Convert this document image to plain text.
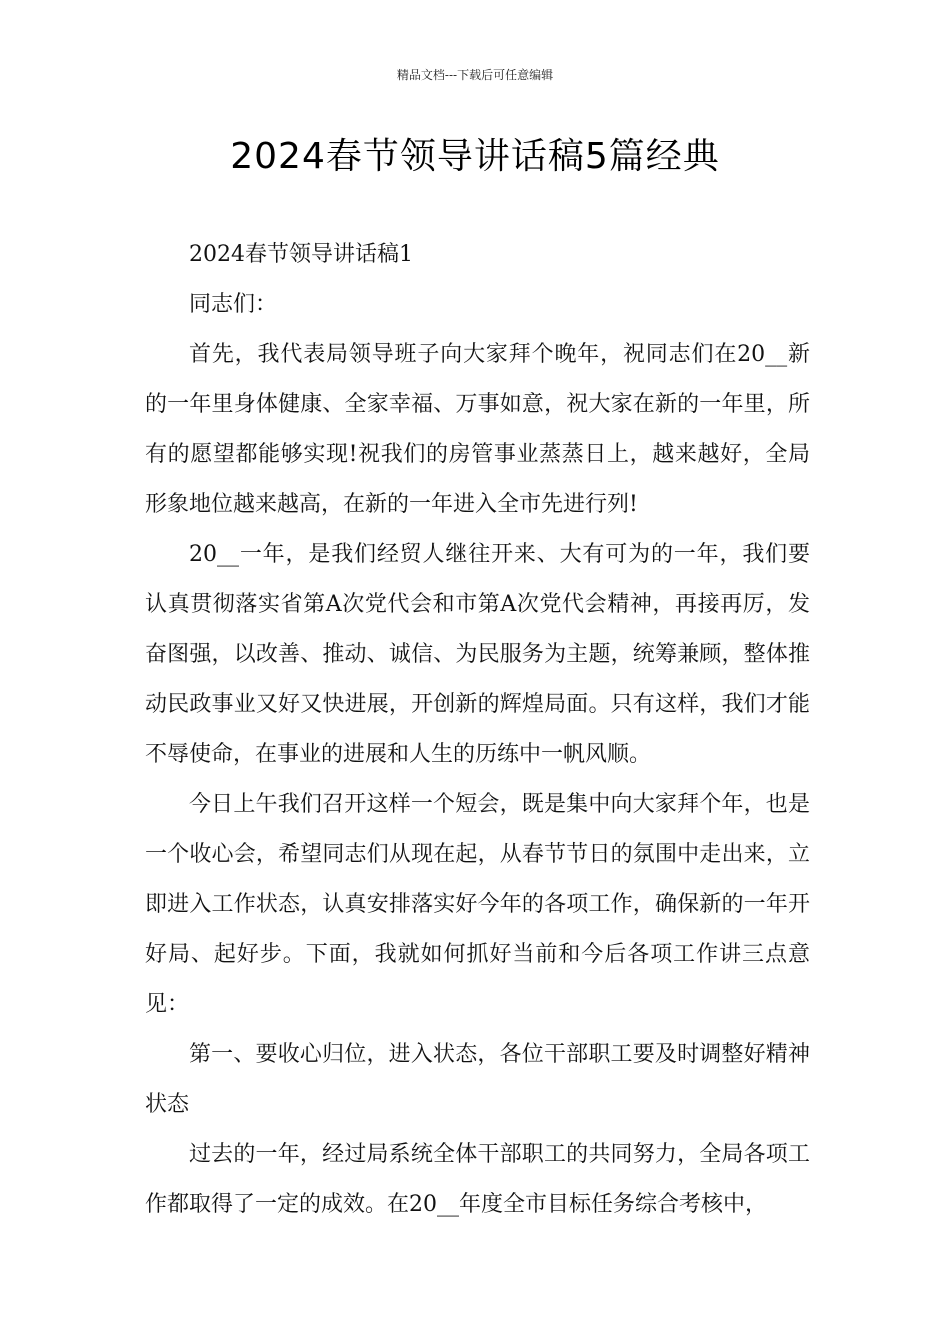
精品文档---下载后可任意编辑
2024春节领导讲话稿5篇经典

2024春节领导讲话稿1

同志们：

首先，我代表局领导班子向大家拜个晚年，祝同志们在20__新的一年里身体健康、全家幸福、万事如意，祝大家在新的一年里，所有的愿望都能够实现!祝我们的房管事业蒸蒸日上，越来越好，全局形象地位越来越高，在新的一年进入全市先进行列!

20__一年，是我们经贸人继往开来、大有可为的一年，我们要认真贯彻落实省第A次党代会和市第A次党代会精神，再接再厉，发奋图强，以改善、推动、诚信、为民服务为主题，统筹兼顾，整体推动民政事业又好又快进展，开创新的辉煌局面。只有这样，我们才能不辱使命，在事业的进展和人生的历练中一帆风顺。

今日上午我们召开这样一个短会，既是集中向大家拜个年，也是一个收心会，希望同志们从现在起，从春节节日的氛围中走出来，立即进入工作状态，认真安排落实好今年的各项工作，确保新的一年开好局、起好步。下面，我就如何抓好当前和今后各项工作讲三点意见：

第一、要收心归位，进入状态，各位干部职工要及时调整好精神状态

过去的一年，经过局系统全体干部职工的共同努力，全局各项工作都取得了一定的成效。在20__年度全市目标任务综合考核中，
